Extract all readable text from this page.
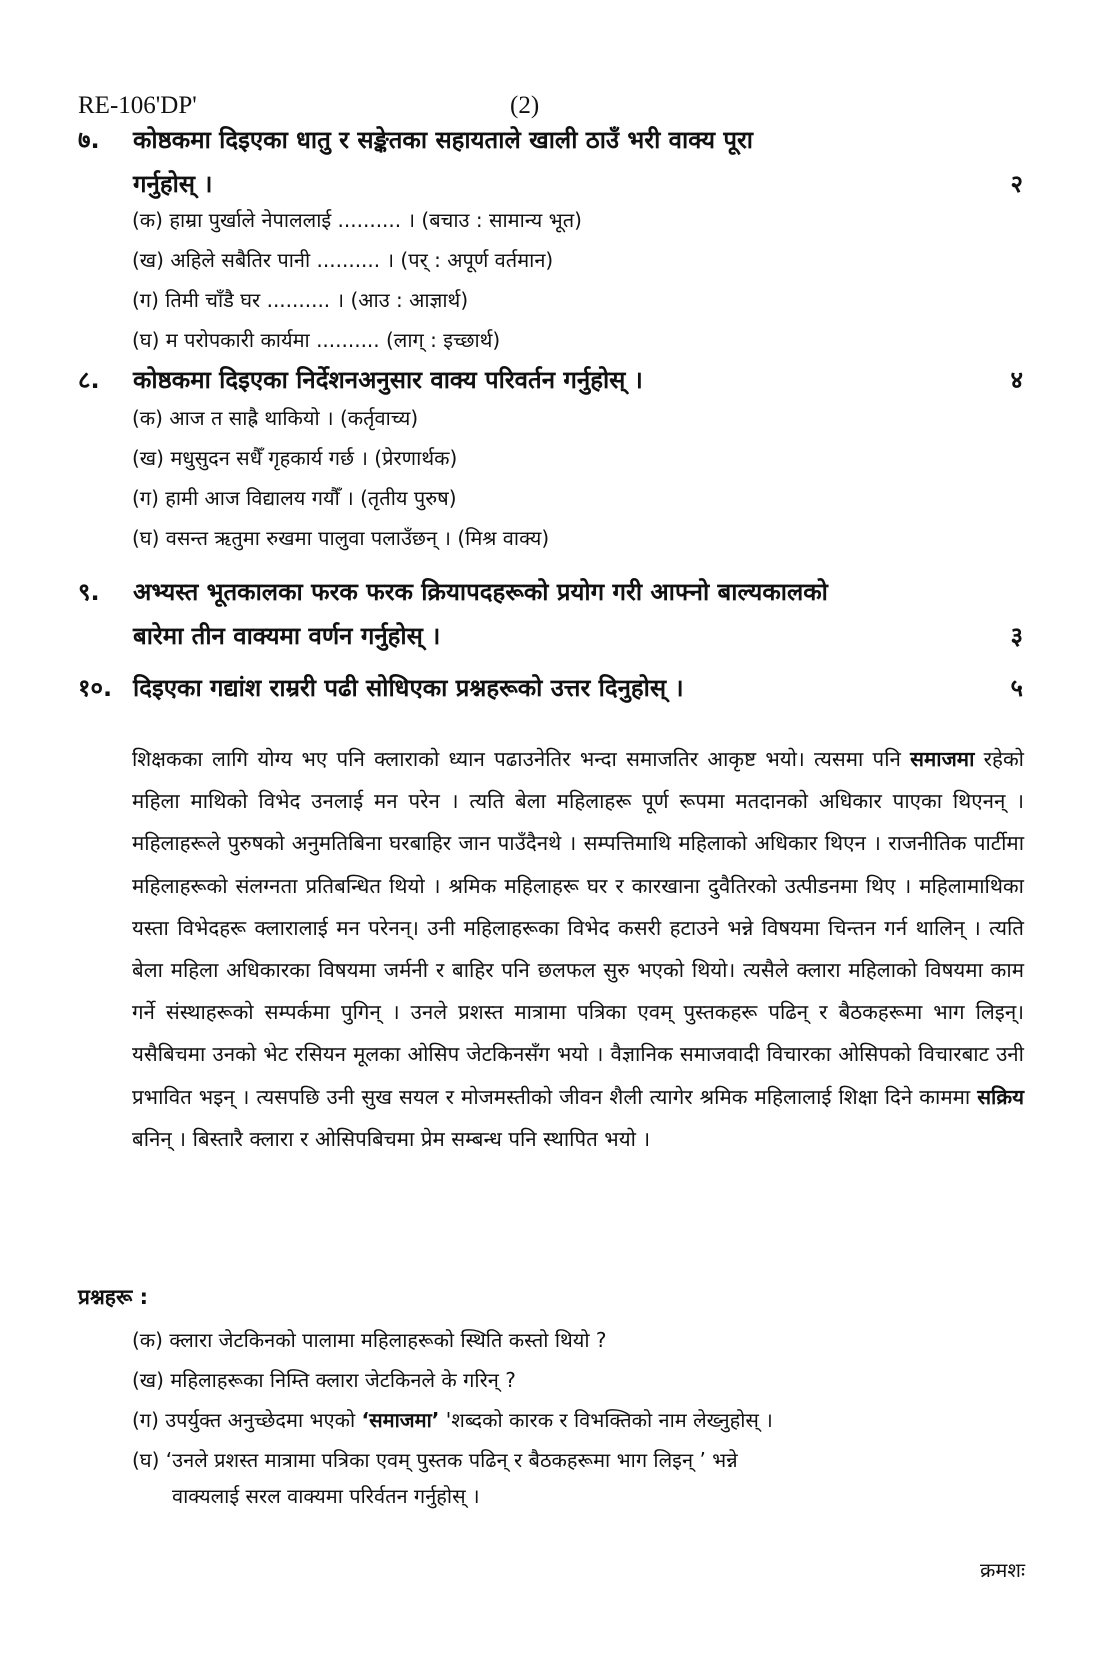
RE-106'DP'	(2)
७. कोष्ठकमा दिइएका धातु र सङ्केतका सहायताले खाली ठाउँ भरी वाक्य पूरा
गर्नुहोस् ।	२
(क) हाम्रा पुर्खाले नेपाललाई .......... । (बचाउ : सामान्य भूत)
(ख) अहिले सबैतिर पानी .......... । (पर् : अपूर्ण वर्तमान)
(ग) तिमी चाँडै घर .......... । (आउ : आज्ञार्थ)
(घ) म परोपकारी कार्यमा .......... (लाग् : इच्छार्थ)
८. कोष्ठकमा दिइएका निर्देशनअनुसार वाक्य परिवर्तन गर्नुहोस् ।	४
(क) आज त साह्रै थाकियो । (कर्तृवाच्य)
(ख) मधुसुदन सधैँ गृहकार्य गर्छ । (प्रेरणार्थक)
(ग) हामी आज विद्यालय गयौँ । (तृतीय पुरुष)
(घ) वसन्त ऋतुमा रुखमा पालुवा पलाउँछन् । (मिश्र वाक्य)
९. अभ्यस्त भूतकालका फरक फरक क्रियापदहरूको प्रयोग गरी आफ्नो बाल्यकालको
बारेमा तीन वाक्यमा वर्णन गर्नुहोस् ।	३
१०. दिइएका गद्यांश राम्ररी पढी सोधिएका प्रश्नहरूको उत्तर दिनुहोस् ।	५
शिक्षकका लागि योग्य भए पनि क्लाराको ध्यान पढाउनेतिर भन्दा समाजतिर आकृष्ट भयो। त्यसमा पनि समाजमा रहेको महिला माथिको विभेद उनलाई मन परेन । त्यति बेला महिलाहरू पूर्ण रूपमा मतदानको अधिकार पाएका थिएनन् । महिलाहरूले पुरुषको अनुमतिबिना घरबाहिर जान पाउँदैनथे । सम्पत्तिमाथि महिलाको अधिकार थिएन । राजनीतिक पार्टीमा महिलाहरूको संलग्नता प्रतिबन्धित थियो । श्रमिक महिलाहरू घर र कारखाना दुवैतिरको उत्पीडनमा थिए । महिलामाथिका यस्ता विभेदहरू क्लारालाई मन परेनन्। उनी महिलाहरूका विभेद कसरी हटाउने भन्ने विषयमा चिन्तन गर्न थालिन् । त्यति बेला महिला अधिकारका विषयमा जर्मनी र बाहिर पनि छलफल सुरु भएको थियो। त्यसैले क्लारा महिलाको विषयमा काम गर्ने संस्थाहरूको सम्पर्कमा पुगिन् । उनले प्रशस्त मात्रामा पत्रिका एवम् पुस्तकहरू पढिन् र बैठकहरूमा भाग लिइन्। यसैबिचमा उनको भेट रसियन मूलका ओसिप जेटकिनसँग भयो । वैज्ञानिक समाजवादी विचारका ओसिपको विचारबाट उनी प्रभावित भइन् । त्यसपछि उनी सुख सयल र मोजमस्तीको जीवन शैली त्यागेर श्रमिक महिलालाई शिक्षा दिने काममा सक्रिय बनिन् । बिस्तारै क्लारा र ओसिपबिचमा प्रेम सम्बन्ध पनि स्थापित भयो ।
प्रश्नहरू :
(क) क्लारा जेटकिनको पालामा महिलाहरूको स्थिति कस्तो थियो ?
(ख) महिलाहरूका निम्ति क्लारा जेटकिनले के गरिन् ?
(ग) उपर्युक्त अनुच्छेदमा भएको ‘समाजमा’ 'शब्दको कारक र विभक्तिको नाम लेख्नुहोस् ।
(घ) ‘उनले प्रशस्त मात्रामा पत्रिका एवम् पुस्तक पढिन् र बैठकहरूमा भाग लिइन् ’ भन्ने
वाक्यलाई सरल वाक्यमा परिर्वतन गर्नुहोस् ।
क्रमशः
